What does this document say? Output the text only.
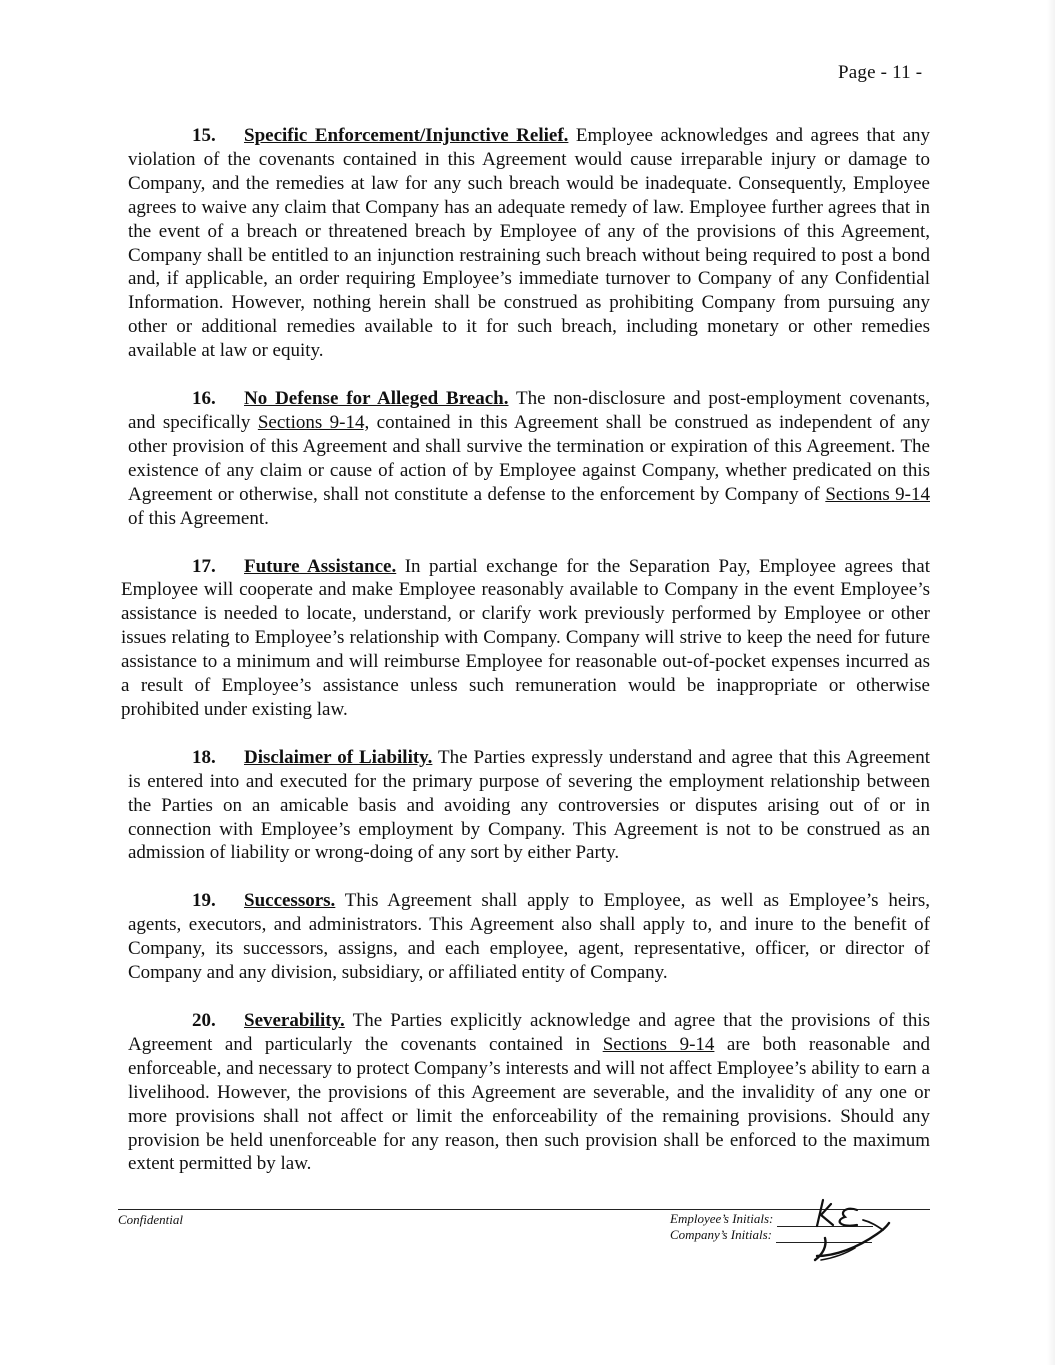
Page - 11 -

15. Specific Enforcement/Injunctive Relief. Employee acknowledges and agrees that any violation of the covenants contained in this Agreement would cause irreparable injury or damage to Company, and the remedies at law for any such breach would be inadequate. Consequently, Employee agrees to waive any claim that Company has an adequate remedy of law. Employee further agrees that in the event of a breach or threatened breach by Employee of any of the provisions of this Agreement, Company shall be entitled to an injunction restraining such breach without being required to post a bond and, if applicable, an order requiring Employee’s immediate turnover to Company of any Confidential Information. However, nothing herein shall be construed as prohibiting Company from pursuing any other or additional remedies available to it for such breach, including monetary or other remedies available at law or equity.

16. No Defense for Alleged Breach. The non-disclosure and post-employment covenants, and specifically Sections 9-14, contained in this Agreement shall be construed as independent of any other provision of this Agreement and shall survive the termination or expiration of this Agreement. The existence of any claim or cause of action of by Employee against Company, whether predicated on this Agreement or otherwise, shall not constitute a defense to the enforcement by Company of Sections 9-14 of this Agreement.

17. Future Assistance. In partial exchange for the Separation Pay, Employee agrees that Employee will cooperate and make Employee reasonably available to Company in the event Employee’s assistance is needed to locate, understand, or clarify work previously performed by Employee or other issues relating to Employee’s relationship with Company. Company will strive to keep the need for future assistance to a minimum and will reimburse Employee for reasonable out-of-pocket expenses incurred as a result of Employee’s assistance unless such remuneration would be inappropriate or otherwise prohibited under existing law.

18. Disclaimer of Liability. The Parties expressly understand and agree that this Agreement is entered into and executed for the primary purpose of severing the employment relationship between the Parties on an amicable basis and avoiding any controversies or disputes arising out of or in connection with Employee’s employment by Company. This Agreement is not to be construed as an admission of liability or wrong-doing of any sort by either Party.

19. Successors. This Agreement shall apply to Employee, as well as Employee’s heirs, agents, executors, and administrators. This Agreement also shall apply to, and inure to the benefit of Company, its successors, assigns, and each employee, agent, representative, officer, or director of Company and any division, subsidiary, or affiliated entity of Company.

20. Severability. The Parties explicitly acknowledge and agree that the provisions of this Agreement and particularly the covenants contained in Sections 9-14 are both reasonable and enforceable, and necessary to protect Company’s interests and will not affect Employee’s ability to earn a livelihood. However, the provisions of this Agreement are severable, and the invalidity of any one or more provisions shall not affect or limit the enforceability of the remaining provisions. Should any provision be held unenforceable for any reason, then such provision shall be enforced to the maximum extent permitted by law.

Confidential	Employee’s Initials:
Company’s Initials:
